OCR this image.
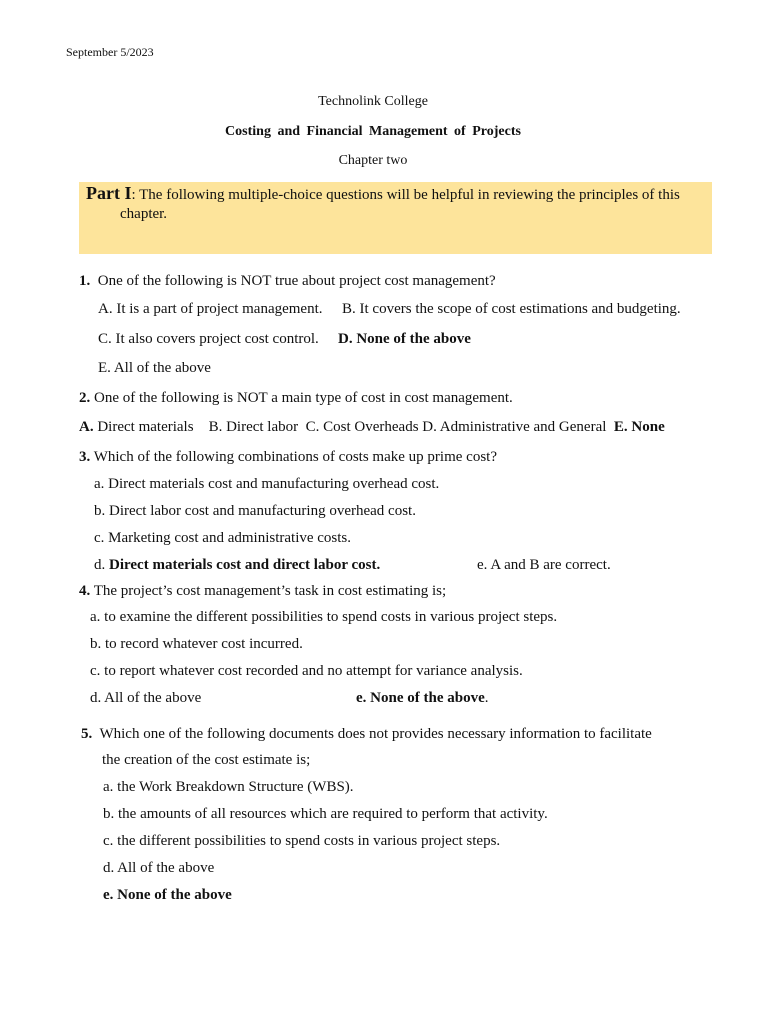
September 5/2023
Technolink College
Costing and Financial Management of Projects
Chapter two
Part I: The following multiple-choice questions will be helpful in reviewing the principles of this
chapter.
1. One of the following is NOT true about project cost management?
A. It is a part of project management. B. It covers the scope of cost estimations and budgeting.
C. It also covers project cost control. D. None of the above
E. All of the above
2. One of the following is NOT a main type of cost in cost management.
A. Direct materials B. Direct labor C. Cost Overheads D. Administrative and General E. None
3. Which of the following combinations of costs make up prime cost?
a. Direct materials cost and manufacturing overhead cost.
b. Direct labor cost and manufacturing overhead cost.
c. Marketing cost and administrative costs.
d. Direct materials cost and direct labor cost.	e. A and B are correct.
4. The project’s cost management’s task in cost estimating is;
a. to examine the different possibilities to spend costs in various project steps.
b. to record whatever cost incurred.
c. to report whatever cost recorded and no attempt for variance analysis.
d. All of the above	e. None of the above.
5. Which one of the following documents does not provides necessary information to facilitate
the creation of the cost estimate is;
a. the Work Breakdown Structure (WBS).
b. the amounts of all resources which are required to perform that activity.
c. the different possibilities to spend costs in various project steps.
d. All of the above
e. None of the above
